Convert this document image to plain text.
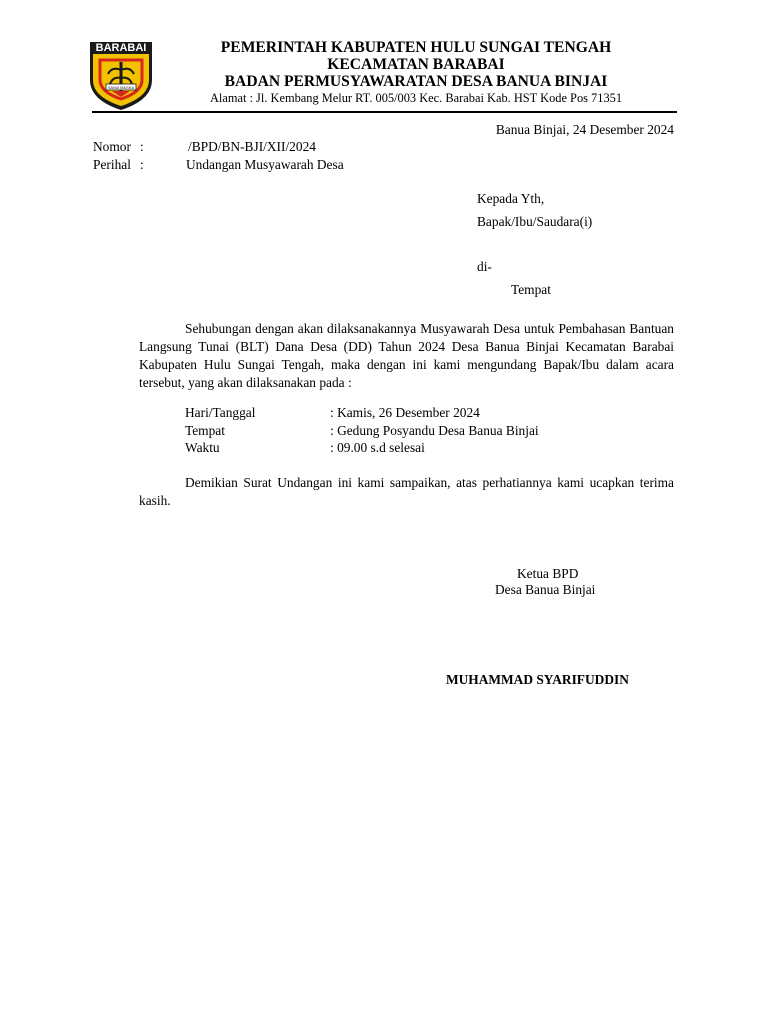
SAMA MASKA
BARABAI	PEMERINTAH KABUPATEN HULU SUNGAI TENGAH
KECAMATAN BARABAI
BADAN PERMUSYAWARATAN DESA BANUA BINJAI
Alamat : Jl. Kembang Melur RT. 005/003 Kec. Barabai Kab. HST Kode Pos 71351
Banua Binjai, 24 Desember 2024
Nomor :	/BPD/BN-BJI/XII/2024
Perihal :	Undangan Musyawarah Desa
Kepada Yth,
Bapak/Ibu/Saudara(i)
di-
Tempat
Sehubungan dengan akan dilaksanakannya Musyawarah Desa untuk Pembahasan Bantuan Langsung Tunai (BLT) Dana Desa (DD) Tahun 2024 Desa Banua Binjai Kecamatan Barabai Kabupaten Hulu Sungai Tengah, maka dengan ini kami mengundang Bapak/Ibu dalam acara tersebut, yang akan dilaksanakan pada :
Hari/Tanggal	: Kamis, 26 Desember 2024
Tempat	: Gedung Posyandu Desa Banua Binjai
Waktu	: 09.00 s.d selesai
Demikian Surat Undangan ini kami sampaikan, atas perhatiannya kami ucapkan terima kasih.
Ketua BPD
Desa Banua Binjai
MUHAMMAD SYARIFUDDIN
